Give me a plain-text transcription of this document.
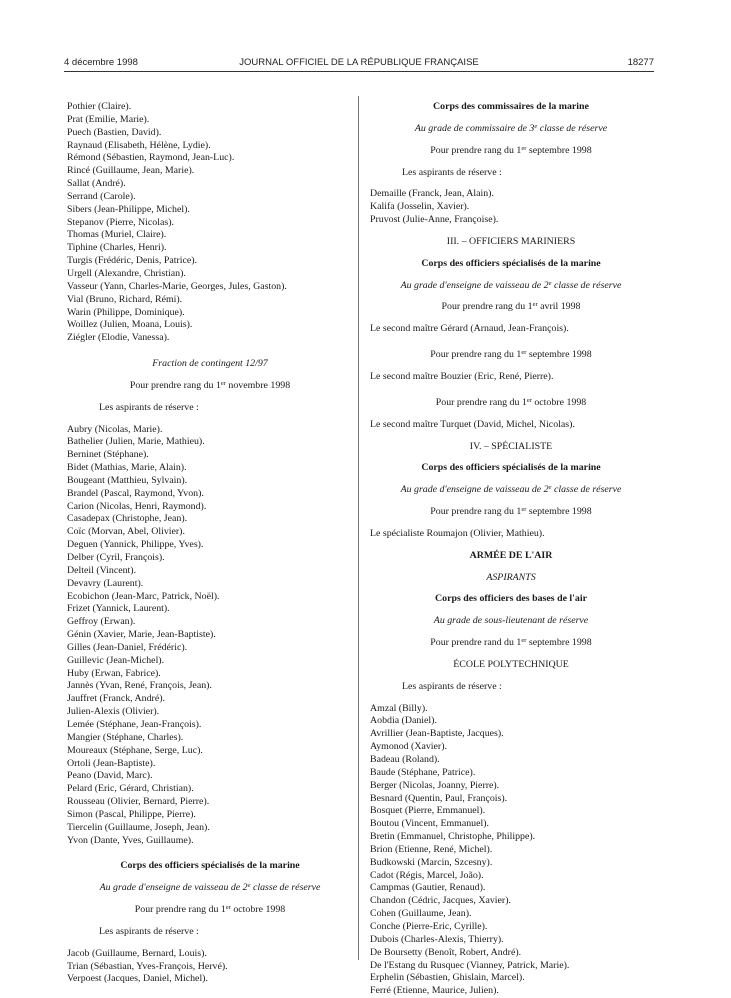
4 décembre 1998	JOURNAL OFFICIEL DE LA RÉPUBLIQUE FRANÇAISE	18277
Pothier (Claire).
Prat (Emilie, Marie).
Puech (Bastien, David).
Raynaud (Elisabeth, Hélène, Lydie).
Rémond (Sébastien, Raymond, Jean-Luc).
Rincé (Guillaume, Jean, Marie).
Sallat (André).
Serrand (Carole).
Sibers (Jean-Philippe, Michel).
Stepanov (Pierre, Nicolas).
Thomas (Muriel, Claire).
Tiphine (Charles, Henri).
Turgis (Frédéric, Denis, Patrice).
Urgell (Alexandre, Christian).
Vasseur (Yann, Charles-Marie, Georges, Jules, Gaston).
Vial (Bruno, Richard, Rémi).
Warin (Philippe, Dominique).
Woillez (Julien, Moana, Louis).
Ziégler (Elodie, Vanessa).
Fraction de contingent 12/97
Pour prendre rang du 1er novembre 1998
Les aspirants de réserve :
Aubry (Nicolas, Marie).
Bathelier (Julien, Marie, Mathieu).
Berninet (Stéphane).
Bidet (Mathias, Marie, Alain).
Bougeant (Matthieu, Sylvain).
Brandel (Pascal, Raymond, Yvon).
Carion (Nicolas, Henri, Raymond).
Casadepax (Christophe, Jean).
Coïc (Morvan, Abel, Olivier).
Deguen (Yannick, Philippe, Yves).
Delber (Cyril, François).
Delteil (Vincent).
Devavry (Laurent).
Ecobichon (Jean-Marc, Patrick, Noël).
Frizet (Yannick, Laurent).
Geffroy (Erwan).
Génin (Xavier, Marie, Jean-Baptiste).
Gilles (Jean-Daniel, Frédéric).
Guillevic (Jean-Michel).
Huby (Erwan, Fabrice).
Jannès (Yvan, René, François, Jean).
Jauffret (Franck, André).
Julien-Alexis (Olivier).
Lemée (Stéphane, Jean-François).
Mangier (Stéphane, Charles).
Moureaux (Stéphane, Serge, Luc).
Ortoli (Jean-Baptiste).
Peano (David, Marc).
Pelard (Eric, Gérard, Christian).
Rousseau (Olivier, Bernard, Pierre).
Simon (Pascal, Philippe, Pierre).
Tiercelin (Guillaume, Joseph, Jean).
Yvon (Dante, Yves, Guillaume).
Corps des officiers spécialisés de la marine
Au grade d'enseigne de vaisseau de 2e classe de réserve
Pour prendre rang du 1er octobre 1998
Les aspirants de réserve :
Jacob (Guillaume, Bernard, Louis).
Trian (Sébastian, Yves-François, Hervé).
Verpoest (Jacques, Daniel, Michel).
Corps des commissaires de la marine
Au grade de commissaire de 3e classe de réserve
Pour prendre rang du 1er septembre 1998
Les aspirants de réserve :
Demaille (Franck, Jean, Alain).
Kalifa (Josselin, Xavier).
Pruvost (Julie-Anne, Françoise).
III. – OFFICIERS MARINIERS
Corps des officiers spécialisés de la marine
Au grade d'enseigne de vaisseau de 2e classe de réserve
Pour prendre rang du 1er avril 1998
Le second maître Gérard (Arnaud, Jean-François).
Pour prendre rang du 1er septembre 1998
Le second maître Bouzier (Eric, René, Pierre).
Pour prendre rang du 1er octobre 1998
Le second maître Turquet (David, Michel, Nicolas).
IV. – SPÉCIALISTE
Corps des officiers spécialisés de la marine
Au grade d'enseigne de vaisseau de 2e classe de réserve
Pour prendre rang du 1er septembre 1998
Le spécialiste Roumajon (Olivier, Mathieu).
ARMÉE DE L'AIR
ASPIRANTS
Corps des officiers des bases de l'air
Au grade de sous-lieutenant de réserve
Pour prendre rand du 1er septembre 1998
ÉCOLE POLYTECHNIQUE
Les aspirants de réserve :
Amzal (Billy).
Aobdia (Daniel).
Avrillier (Jean-Baptiste, Jacques).
Aymonod (Xavier).
Badeau (Roland).
Baude (Stéphane, Patrice).
Berger (Nicolas, Joanny, Pierre).
Besnard (Quentin, Paul, François).
Bosquet (Pierre, Emmanuel).
Boutou (Vincent, Emmanuel).
Bretin (Emmanuel, Christophe, Philippe).
Brion (Etienne, René, Michel).
Budkowski (Marcin, Szcesny).
Cadot (Régis, Marcel, João).
Campmas (Gautier, Renaud).
Chandon (Cédric, Jacques, Xavier).
Cohen (Guillaume, Jean).
Conche (Pierre-Eric, Cyrille).
Dubois (Charles-Alexis, Thierry).
De Boursetty (Benoît, Robert, André).
De l'Estang du Rusquec (Vianney, Patrick, Marie).
Erphelin (Sébastien, Ghislain, Marcel).
Ferré (Etienne, Maurice, Julien).
